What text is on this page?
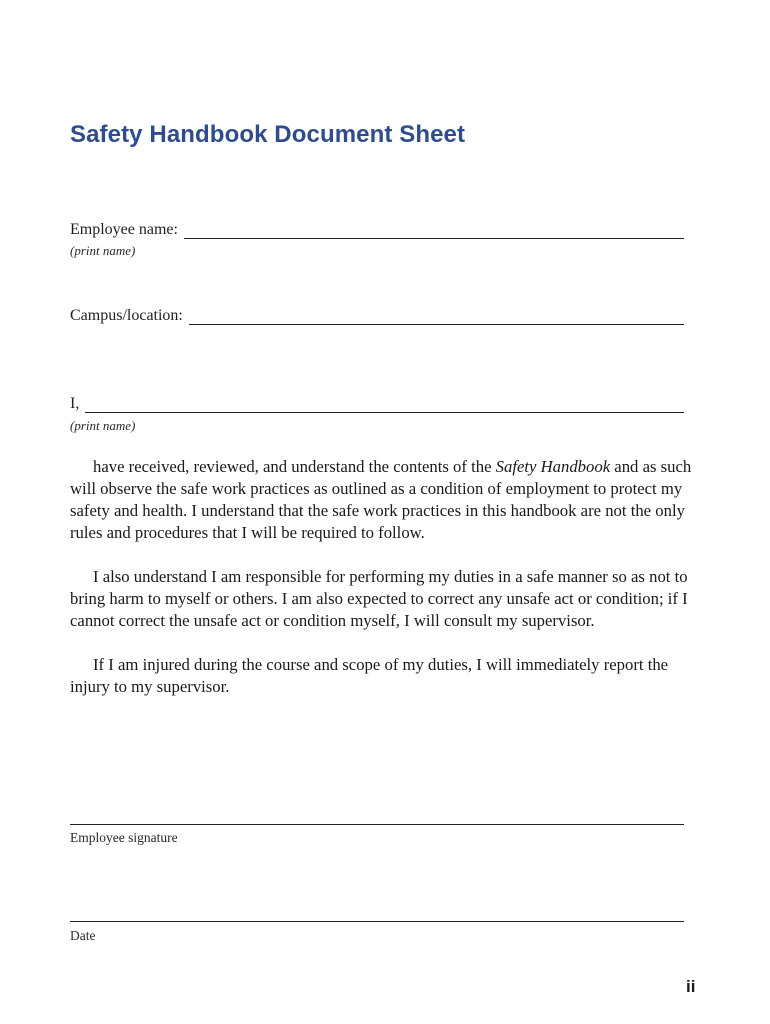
Safety Handbook Document Sheet
Employee name:
(print name)
Campus/location:
I,
(print name)

have received, reviewed, and understand the contents of the Safety Handbook and as such will observe the safe work practices as outlined as a condition of employment to protect my safety and health. I understand that the safe work practices in this handbook are not the only rules and procedures that I will be required to follow.

I also understand I am responsible for performing my duties in a safe manner so as not to bring harm to myself or others. I am also expected to correct any unsafe act or condition; if I cannot correct the unsafe act or condition myself, I will consult my supervisor.

If I am injured during the course and scope of my duties, I will immediately report the injury to my supervisor.

Employee signature
Date
ii
